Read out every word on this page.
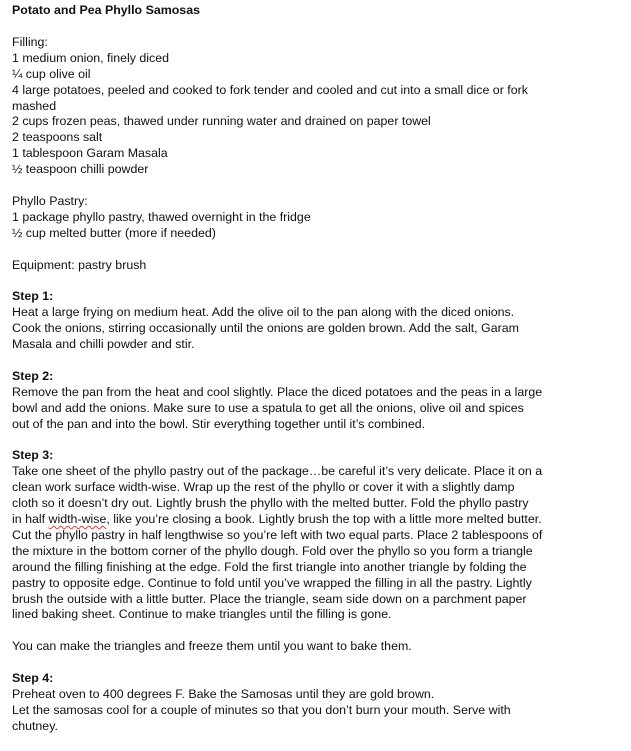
Potato and Pea Phyllo Samosas
Filling:
1 medium onion, finely diced
¼ cup olive oil
4 large potatoes, peeled and cooked to fork tender and cooled and cut into a small dice or fork
mashed
2 cups frozen peas, thawed under running water and drained on paper towel
2 teaspoons salt
1 tablespoon Garam Masala
½ teaspoon chilli powder
Phyllo Pastry:
1 package phyllo pastry, thawed overnight in the fridge
½ cup melted butter (more if needed)
Equipment: pastry brush
Step 1:
Heat a large frying on medium heat. Add the olive oil to the pan along with the diced onions.
Cook the onions, stirring occasionally until the onions are golden brown. Add the salt, Garam
Masala and chilli powder and stir.
Step 2:
Remove the pan from the heat and cool slightly. Place the diced potatoes and the peas in a large
bowl and add the onions. Make sure to use a spatula to get all the onions, olive oil and spices
out of the pan and into the bowl. Stir everything together until it’s combined.
Step 3:
Take one sheet of the phyllo pastry out of the package…be careful it’s very delicate. Place it on a
clean work surface width-wise. Wrap up the rest of the phyllo or cover it with a slightly damp
cloth so it doesn’t dry out. Lightly brush the phyllo with the melted butter. Fold the phyllo pastry
in half width-wise, like you’re closing a book. Lightly brush the top with a little more melted butter.
Cut the phyllo pastry in half lengthwise so you’re left with two equal parts. Place 2 tablespoons of
the mixture in the bottom corner of the phyllo dough. Fold over the phyllo so you form a triangle
around the filling finishing at the edge. Fold the first triangle into another triangle by folding the
pastry to opposite edge. Continue to fold until you’ve wrapped the filling in all the pastry. Lightly
brush the outside with a little butter. Place the triangle, seam side down on a parchment paper
lined baking sheet. Continue to make triangles until the filling is gone.
You can make the triangles and freeze them until you want to bake them.
Step 4:
Preheat oven to 400 degrees F. Bake the Samosas until they are gold brown.
Let the samosas cool for a couple of minutes so that you don’t burn your mouth. Serve with
chutney.
